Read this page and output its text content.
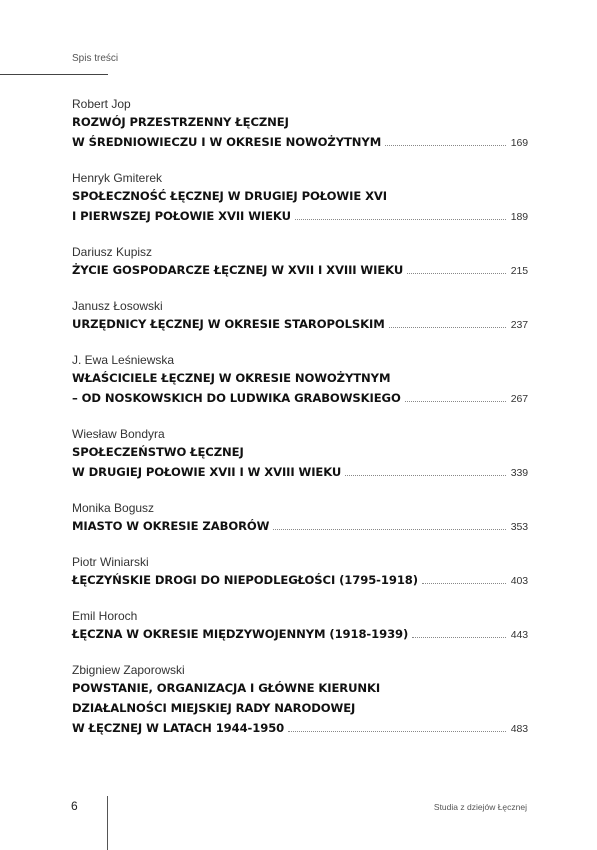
Spis treści
Robert Jop
ROZWÓJ PRZESTRZENNY ŁĘCZNEJ
W ŚREDNIOWIECZU I W OKRESIE NOWOŻYTNYM	169
Henryk Gmiterek
SPOŁECZNOŚĆ ŁĘCZNEJ W DRUGIEJ POŁOWIE XVI
I PIERWSZEJ POŁOWIE XVII WIEKU	189
Dariusz Kupisz
ŻYCIE GOSPODARCZE ŁĘCZNEJ W XVII I XVIII WIEKU	215
Janusz Łosowski
URZĘDNICY ŁĘCZNEJ W OKRESIE STAROPOLSKIM	237
J. Ewa Leśniewska
WŁAŚCICIELE ŁĘCZNEJ W OKRESIE NOWOŻYTNYM
– OD NOSKOWSKICH DO LUDWIKA GRABOWSKIEGO	267
Wiesław Bondyra
SPOŁECZEŃSTWO ŁĘCZNEJ
W DRUGIEJ POŁOWIE XVII I W XVIII WIEKU	339
Monika Bogusz
MIASTO W OKRESIE ZABORÓW	353
Piotr Winiarski
ŁĘCZYŃSKIE DROGI DO NIEPODLEGŁOŚCI (1795-1918)	403
Emil Horoch
ŁĘCZNA W OKRESIE MIĘDZYWOJENNYM (1918-1939)	443
Zbigniew Zaporowski
POWSTANIE, ORGANIZACJA I GŁÓWNE KIERUNKI
DZIAŁALNOŚCI MIEJSKIEJ RADY NARODOWEJ
W ŁĘCZNEJ W LATACH 1944-1950	483
6	Studia z dziejów Łęcznej
